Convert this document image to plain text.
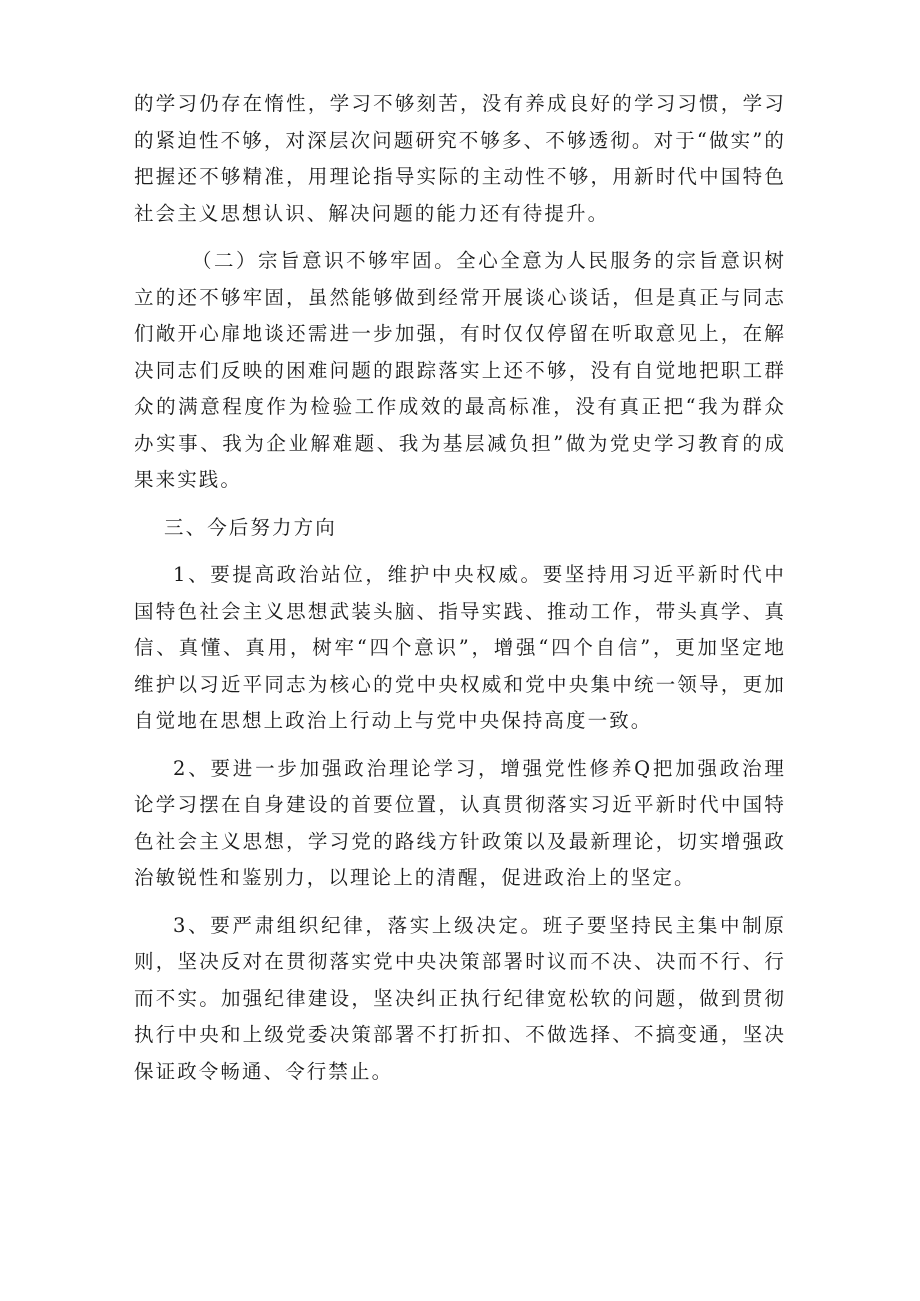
的学习仍存在惰性，学习不够刻苦，没有养成良好的学习习惯，学习的紧迫性不够，对深层次问题研究不够多、不够透彻。对于“做实”的把握还不够精准，用理论指导实际的主动性不够，用新时代中国特色社会主义思想认识、解决问题的能力还有待提升。

（二）宗旨意识不够牢固。全心全意为人民服务的宗旨意识树立的还不够牢固，虽然能够做到经常开展谈心谈话，但是真正与同志们敞开心扉地谈还需进一步加强，有时仅仅停留在听取意见上，在解决同志们反映的困难问题的跟踪落实上还不够，没有自觉地把职工群众的满意程度作为检验工作成效的最高标准，没有真正把“我为群众办实事、我为企业解难题、我为基层减负担”做为党史学习教育的成果来实践。

三、今后努力方向

1、要提高政治站位，维护中央权威。要坚持用习近平新时代中国特色社会主义思想武装头脑、指导实践、推动工作，带头真学、真信、真懂、真用，树牢“四个意识”，增强“四个自信”，更加坚定地维护以习近平同志为核心的党中央权威和党中央集中统一领导，更加自觉地在思想上政治上行动上与党中央保持高度一致。

2、要进一步加强政治理论学习，增强党性修养Q把加强政治理论学习摆在自身建设的首要位置，认真贯彻落实习近平新时代中国特色社会主义思想，学习党的路线方针政策以及最新理论，切实增强政治敏锐性和鉴别力，以理论上的清醒，促进政治上的坚定。

3、要严肃组织纪律，落实上级决定。班子要坚持民主集中制原则，坚决反对在贯彻落实党中央决策部署时议而不决、决而不行、行而不实。加强纪律建设，坚决纠正执行纪律宽松软的问题，做到贯彻执行中央和上级党委决策部署不打折扣、不做选择、不搞变通，坚决保证政令畅通、令行禁止。
